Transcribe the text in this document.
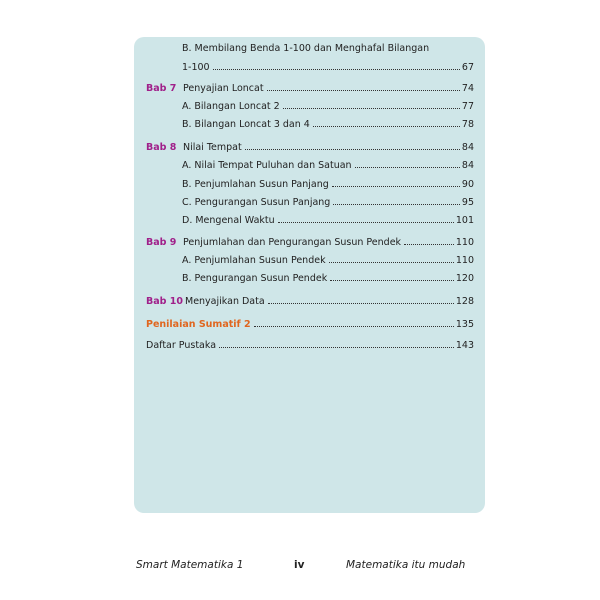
B. Membilang Benda 1-100 dan Menghafal Bilangan
1-100	67
Bab 7 Penyajian Loncat	74
A. Bilangan Loncat 2	77
B. Bilangan Loncat 3 dan 4	78
Bab 8 Nilai Tempat	84
A. Nilai Tempat Puluhan dan Satuan	84
B. Penjumlahan Susun Panjang	90
C. Pengurangan Susun Panjang	95
D. Mengenal Waktu	101
Bab 9 Penjumlahan dan Pengurangan Susun Pendek	110
A. Penjumlahan Susun Pendek	110
B. Pengurangan Susun Pendek	120
Bab 10 Menyajikan Data	128
Penilaian Sumatif 2	135
Daftar Pustaka	143
Smart Matematika 1	iv	Matematika itu mudah
